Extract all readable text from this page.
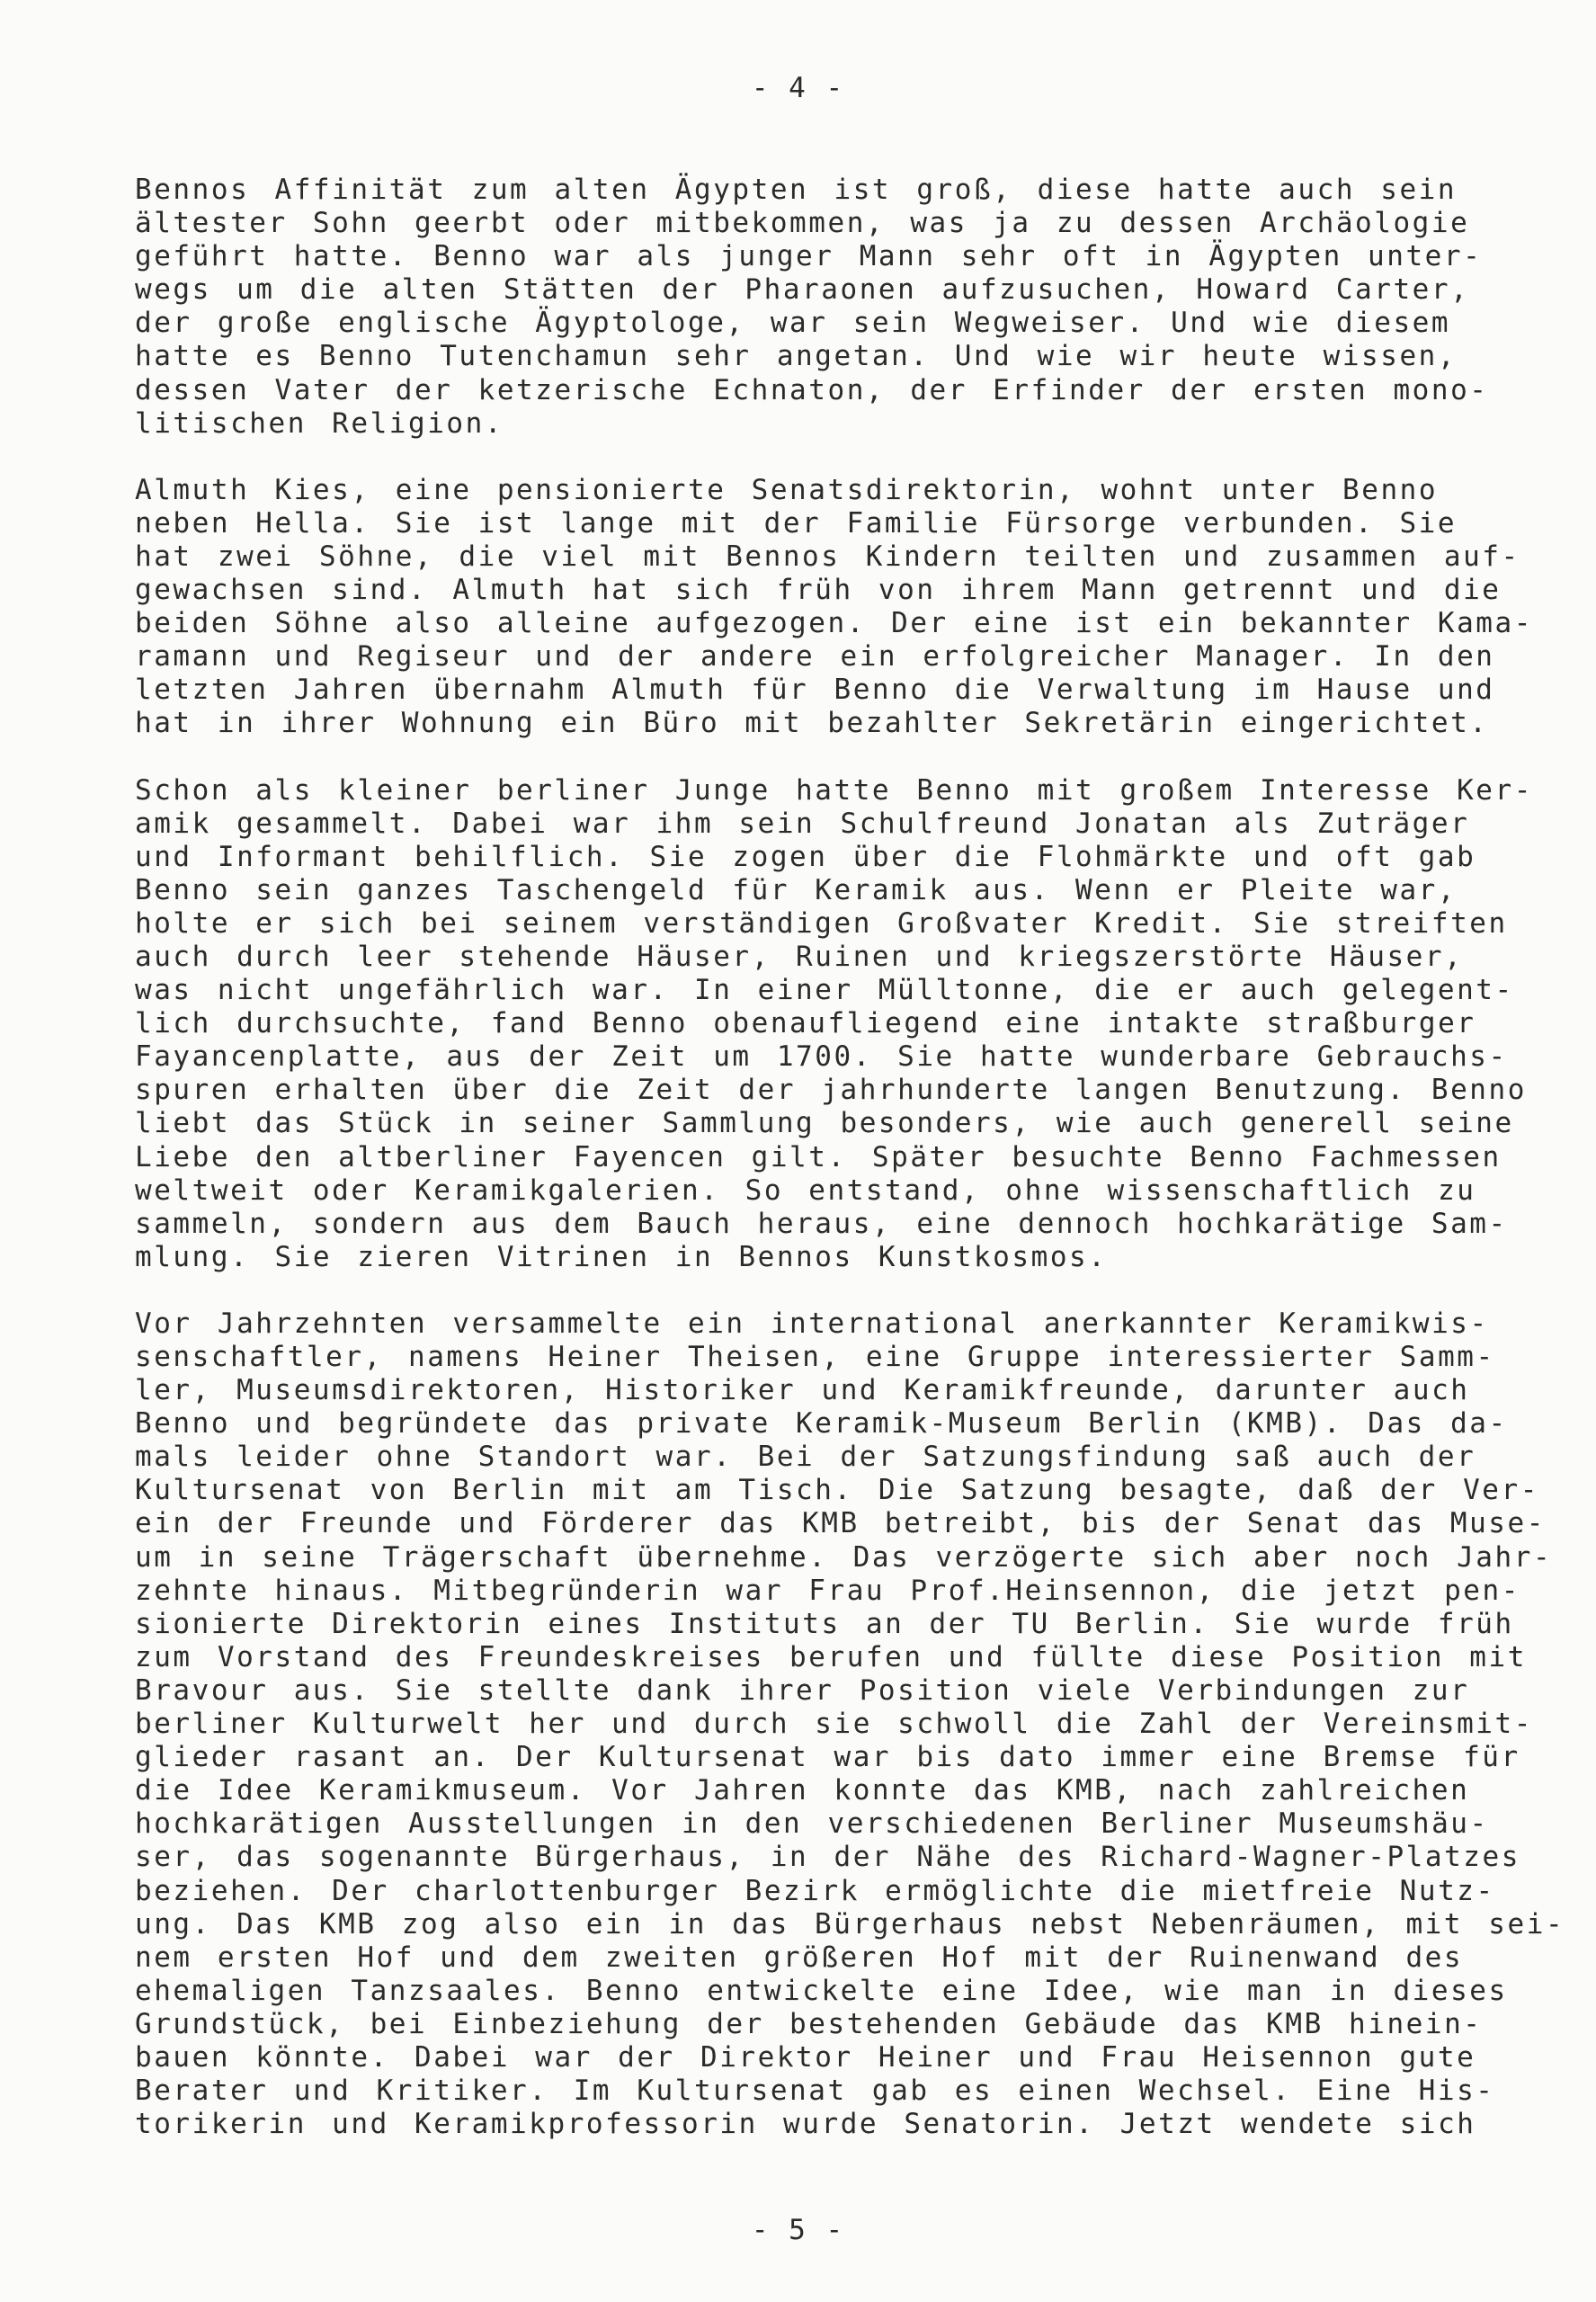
- 4 -
Bennos Affinität zum alten Ägypten ist groß, diese hatte auch sein
ältester Sohn geerbt oder mitbekommen, was ja zu dessen Archäologie
geführt hatte. Benno war als junger Mann sehr oft in Ägypten unter-
wegs um die alten Stätten der Pharaonen aufzusuchen, Howard Carter,
der große englische Ägyptologe, war sein Wegweiser. Und wie diesem
hatte es Benno Tutenchamun sehr angetan. Und wie wir heute wissen,
dessen Vater der ketzerische Echnaton, der Erfinder der ersten mono-
litischen Religion.
Almuth Kies, eine pensionierte Senatsdirektorin, wohnt unter Benno
neben Hella. Sie ist lange mit der Familie Fürsorge verbunden. Sie
hat zwei Söhne, die viel mit Bennos Kindern teilten und zusammen auf-
gewachsen sind. Almuth hat sich früh von ihrem Mann getrennt und die
beiden Söhne also alleine aufgezogen. Der eine ist ein bekannter Kama-
ramann und Regiseur und der andere ein erfolgreicher Manager. In den
letzten Jahren übernahm Almuth für Benno die Verwaltung im Hause und
hat in ihrer Wohnung ein Büro mit bezahlter Sekretärin eingerichtet.
Schon als kleiner berliner Junge hatte Benno mit großem Interesse Ker-
amik gesammelt. Dabei war ihm sein Schulfreund Jonatan als Zuträger
und Informant behilflich. Sie zogen über die Flohmärkte und oft gab
Benno sein ganzes Taschengeld für Keramik aus. Wenn er Pleite war,
holte er sich bei seinem verständigen Großvater Kredit. Sie streiften
auch durch leer stehende Häuser, Ruinen und kriegszerstörte Häuser,
was nicht ungefährlich war. In einer Mülltonne, die er auch gelegent-
lich durchsuchte, fand Benno obenaufliegend eine intakte straßburger
Fayancenplatte, aus der Zeit um 1700. Sie hatte wunderbare Gebrauchs-
spuren erhalten über die Zeit der jahrhunderte langen Benutzung. Benno
liebt das Stück in seiner Sammlung besonders, wie auch generell seine
Liebe den altberliner Fayencen gilt. Später besuchte Benno Fachmessen
weltweit oder Keramikgalerien. So entstand, ohne wissenschaftlich zu
sammeln, sondern aus dem Bauch heraus, eine dennoch hochkarätige Sam-
mlung. Sie zieren Vitrinen in Bennos Kunstkosmos.
Vor Jahrzehnten versammelte ein international anerkannter Keramikwis-
senschaftler, namens Heiner Theisen, eine Gruppe interessierter Samm-
ler, Museumsdirektoren, Historiker und Keramikfreunde, darunter auch
Benno und begründete das private Keramik-Museum Berlin (KMB). Das da-
mals leider ohne Standort war. Bei der Satzungsfindung saß auch der
Kultursenat von Berlin mit am Tisch. Die Satzung besagte, daß der Ver-
ein der Freunde und Förderer das KMB betreibt, bis der Senat das Muse-
um in seine Trägerschaft übernehme. Das verzögerte sich aber noch Jahr-
zehnte hinaus. Mitbegründerin war Frau Prof.Heinsennon, die jetzt pen-
sionierte Direktorin eines Instituts an der TU Berlin. Sie wurde früh
zum Vorstand des Freundeskreises berufen und füllte diese Position mit
Bravour aus. Sie stellte dank ihrer Position viele Verbindungen zur
berliner Kulturwelt her und durch sie schwoll die Zahl der Vereinsmit-
glieder rasant an. Der Kultursenat war bis dato immer eine Bremse für
die Idee Keramikmuseum. Vor Jahren konnte das KMB, nach zahlreichen
hochkarätigen Ausstellungen in den verschiedenen Berliner Museumshäu-
ser, das sogenannte Bürgerhaus, in der Nähe des Richard-Wagner-Platzes
beziehen. Der charlottenburger Bezirk ermöglichte die mietfreie Nutz-
ung. Das KMB zog also ein in das Bürgerhaus nebst Nebenräumen, mit sei-
nem ersten Hof und dem zweiten größeren Hof mit der Ruinenwand des
ehemaligen Tanzsaales. Benno entwickelte eine Idee, wie man in dieses
Grundstück, bei Einbeziehung der bestehenden Gebäude das KMB hinein-
bauen könnte. Dabei war der Direktor Heiner und Frau Heisennon gute
Berater und Kritiker. Im Kultursenat gab es einen Wechsel. Eine His-
torikerin und Keramikprofessorin wurde Senatorin. Jetzt wendete sich
- 5 -
